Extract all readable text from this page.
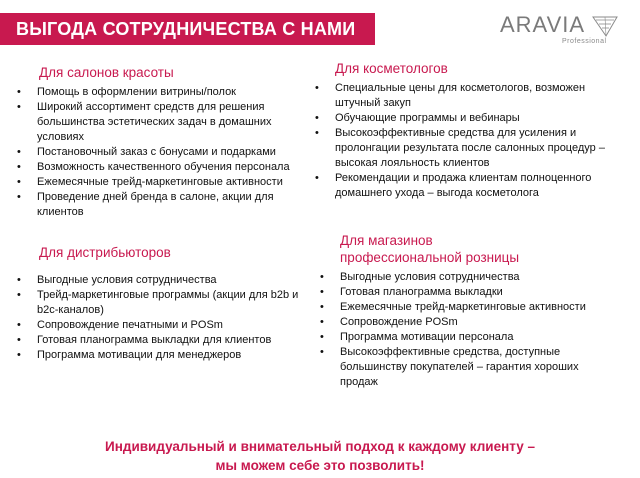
ВЫГОДА СОТРУДНИЧЕСТВА С НАМИ	ARAVIA
Professional
Для салонов красоты
• Помощь в оформлении витрины/полок
• Широкий ассортимент средств для решения большинства эстетических задач в домашних условиях
• Постановочный заказ с бонусами и подарками
• Возможность качественного обучения персонала
• Ежемесячные трейд-маркетинговые активности
• Проведение дней бренда в салоне, акции для клиентов
Для косметологов
• Специальные цены для косметологов, возможен штучный закуп
• Обучающие программы и вебинары
• Высокоэффективные средства для усиления и пролонгации результата после салонных процедур – высокая лояльность клиентов
• Рекомендации и продажа клиентам полноценного домашнего ухода – выгода косметолога
Для дистрибьюторов
• Выгодные условия сотрудничества
• Трейд-маркетинговые программы (акции для b2b и b2c-каналов)
• Сопровождение печатными и POSm
• Готовая планограмма выкладки для клиентов
• Программа мотивации для менеджеров
Для магазинов профессиональной розницы
• Выгодные условия сотрудничества
• Готовая планограмма выкладки
• Ежемесячные трейд-маркетинговые активности
• Сопровождение POSm
• Программа мотивации персонала
• Высокоэффективные средства, доступные большинству покупателей – гарантия хороших продаж
Индивидуальный и внимательный подход к каждому клиенту –
мы можем себе это позволить!
